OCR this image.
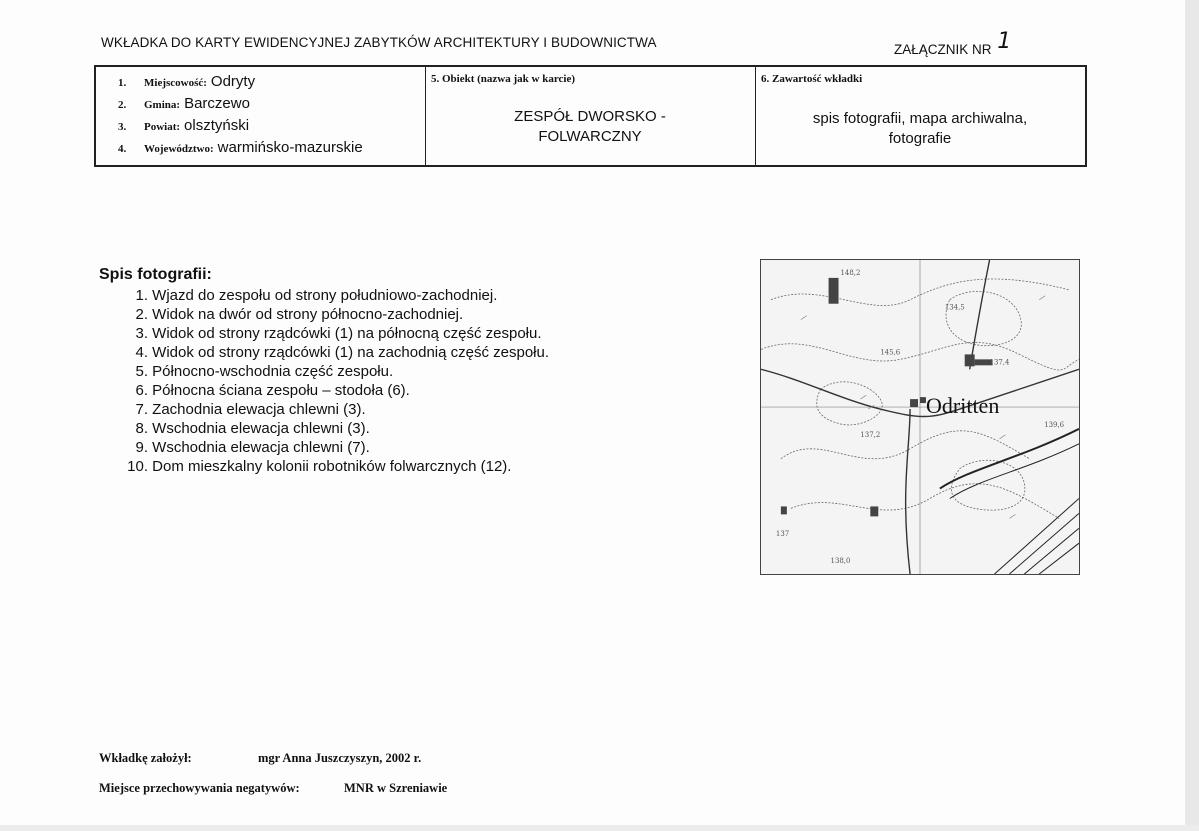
WKŁADKA DO KARTY EWIDENCYJNEJ ZABYTKÓW ARCHITEKTURY I BUDOWNICTWA	ZAŁĄCZNIK NR 1
1.	Miejscowość: Odryty
2.	Gmina: Barczewo
3.	Powiat: olsztyński
4.	Województwo: warmińsko-mazurskie
5. Obiekt (nazwa jak w karcie)
ZESPÓŁ DWORSKO -
FOLWARCZNY
6. Zawartość wkładki
spis fotografii, mapa archiwalna,
fotografie
Spis fotografii:
1.
Wjazd do zespołu od strony południowo-zachodniej.
2.
Widok na dwór od strony północno-zachodniej.
3.
Widok od strony rządcówki (1) na północną część zespołu.
4.
Widok od strony rządcówki (1) na zachodnią część zespołu.
5.
Północno-wschodnia część zespołu.
6.
Północna ściana zespołu – stodoła (6).
7.
Zachodnia elewacja chlewni (3).
8.
Wschodnia elewacja chlewni (3).
9.
Wschodnia elewacja chlewni (7).
10.
Dom mieszkalny kolonii robotników folwarcznych (12).
148,2
145,6
137,4
137,2
134,5
139,6
138,0
137
Odritten
Wkładkę założył:	mgr Anna Juszczyszyn, 2002 r.
Miejsce przechowywania negatywów:	MNR w Szreniawie
